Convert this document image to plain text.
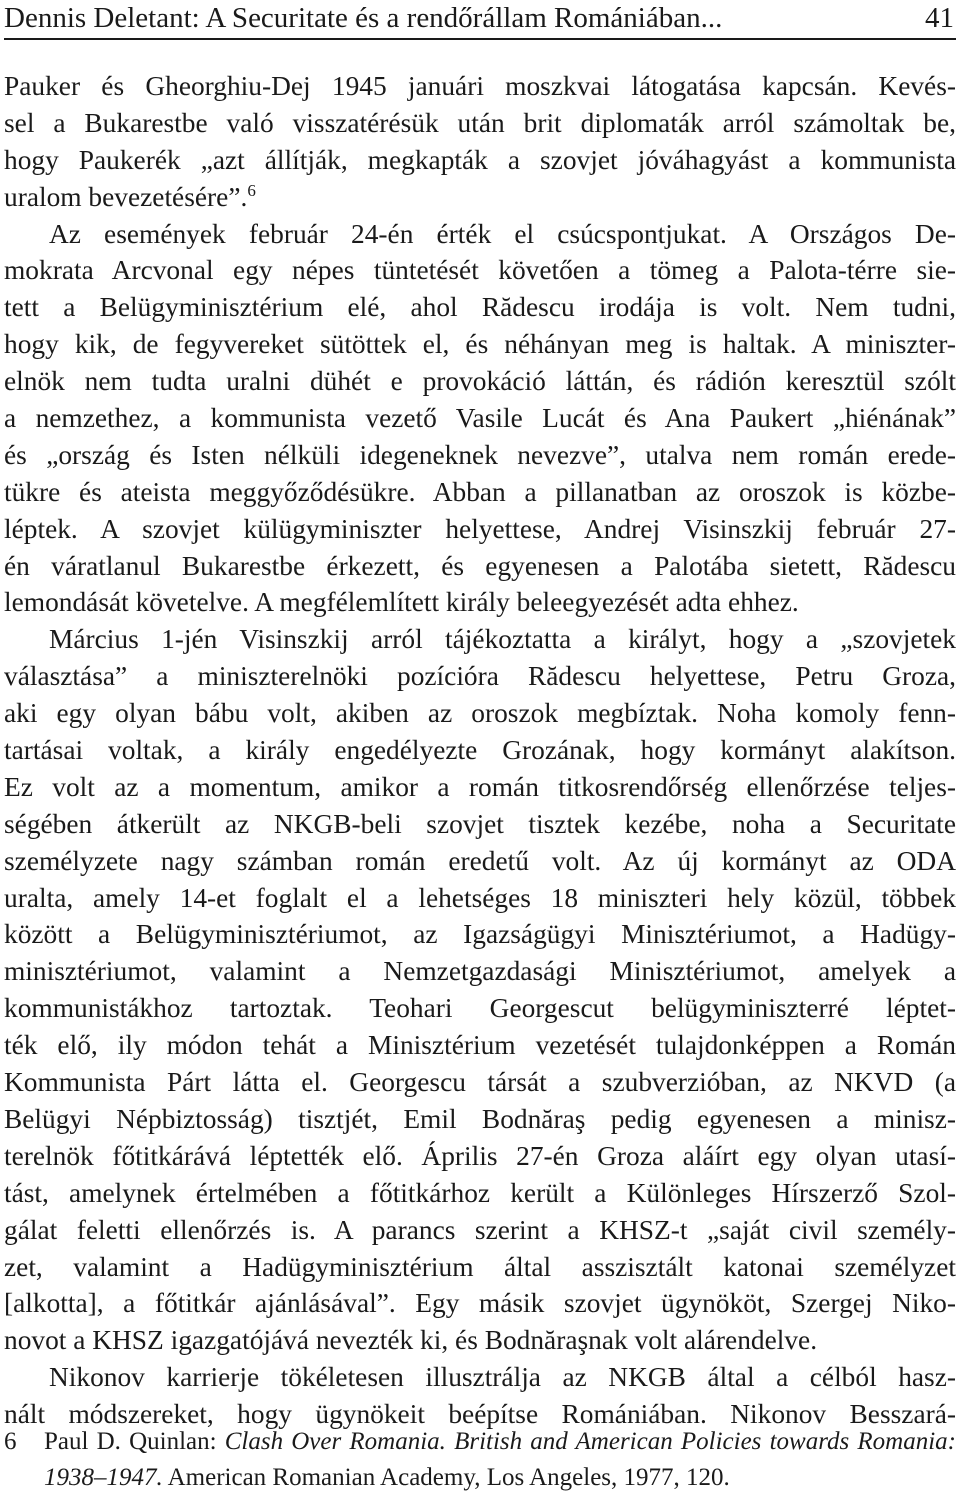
Dennis Deletant: A Securitate és a rendőrállam Romániában...	41
Pauker és Gheorghiu-Dej 1945 januári moszkvai látogatása kapcsán. Kevés-
sel a Bukarestbe való visszatérésük után brit diplomaták arról számoltak be,
hogy Paukerék „azt állítják, megkapták a szovjet jóváhagyást a kommunista
uralom bevezetésére”.$^6$
Az események február 24-én érték el csúcspontjukat. A Országos De-
mokrata Arcvonal egy népes tüntetését követően a tömeg a Palota-térre sie-
tett a Belügyminisztérium elé, ahol Rădescu irodája is volt. Nem tudni,
hogy kik, de fegyvereket sütöttek el, és néhányan meg is haltak. A miniszter-
elnök nem tudta uralni dühét e provokáció láttán, és rádión keresztül szólt
a nemzethez, a kommunista vezető Vasile Lucát és Ana Paukert „hiénának”
és „ország és Isten nélküli idegeneknek nevezve”, utalva nem román erede-
tükre és ateista meggyőződésükre. Abban a pillanatban az oroszok is közbe-
léptek. A szovjet külügyminiszter helyettese, Andrej Visinszkij február 27-
én váratlanul Bukarestbe érkezett, és egyenesen a Palotába sietett, Rădescu
lemondását követelve. A megfélemlített király beleegyezését adta ehhez.
Március 1-jén Visinszkij arról tájékoztatta a királyt, hogy a „szovjetek
választása” a miniszterelnöki pozícióra Rădescu helyettese, Petru Groza,
aki egy olyan bábu volt, akiben az oroszok megbíztak. Noha komoly fenn-
tartásai voltak, a király engedélyezte Grozának, hogy kormányt alakítson.
Ez volt az a momentum, amikor a román titkosrendőrség ellenőrzése teljes-
ségében átkerült az NKGB-beli szovjet tisztek kezébe, noha a Securitate
személyzete nagy számban román eredetű volt. Az új kormányt az ODA
uralta, amely 14-et foglalt el a lehetséges 18 miniszteri hely közül, többek
között a Belügyminisztériumot, az Igazságügyi Minisztériumot, a Hadügy-
minisztériumot, valamint a Nemzetgazdasági Minisztériumot, amelyek a
kommunistákhoz tartoztak. Teohari Georgescut belügyminiszterré léptet-
ték elő, ily módon tehát a Minisztérium vezetését tulajdonképpen a Román
Kommunista Párt látta el. Georgescu társát a szubverzióban, az NKVD (a
Belügyi Népbiztosság) tisztjét, Emil Bodnăraş pedig egyenesen a minisz-
terelnök főtitkárává léptették elő. Április 27-én Groza aláírt egy olyan utasí-
tást, amelynek értelmében a főtitkárhoz került a Különleges Hírszerző Szol-
gálat feletti ellenőrzés is. A parancs szerint a KHSZ-t „saját civil személy-
zet, valamint a Hadügyminisztérium által asszisztált katonai személyzet
[alkotta], a főtitkár ajánlásával”. Egy másik szovjet ügynököt, Szergej Niko-
novot a KHSZ igazgatójává nevezték ki, és Bodnăraşnak volt alárendelve.
Nikonov karrierje tökéletesen illusztrálja az NKGB által a célból hasz-
nált módszereket, hogy ügynökeit beépítse Romániában. Nikonov Besszará-
6 Paul D. Quinlan: Clash Over Romania. British and American Policies towards Romania:
1938–1947. American Romanian Academy, Los Angeles, 1977, 120.
